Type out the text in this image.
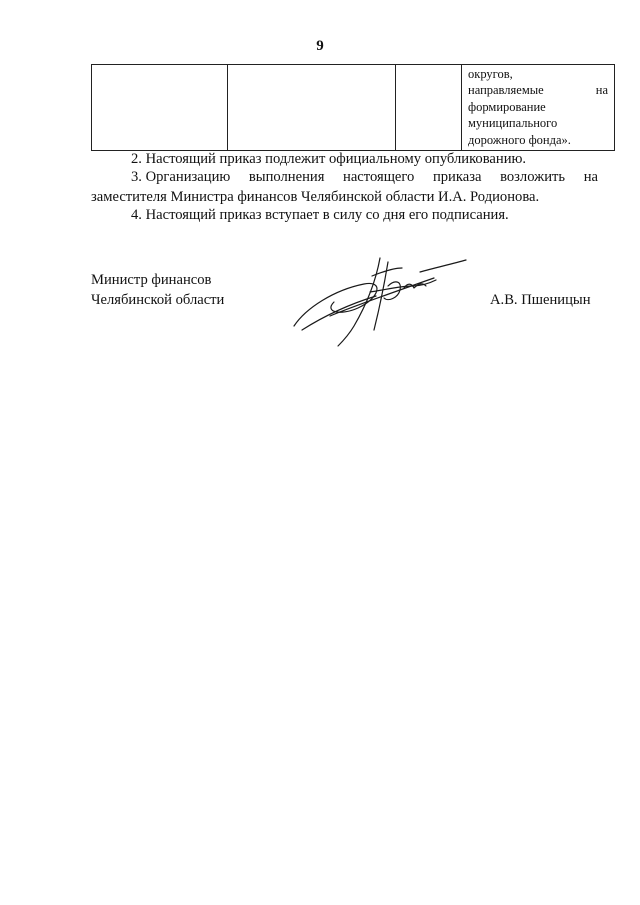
9

округов,
направляемые	на
формирование
муниципального
дорожного фонда».
2. Настоящий приказ подлежит официальному опубликованию.
3. Организацию выполнения настоящего приказа возложить на
заместителя Министра финансов Челябинской области И.А. Родионова.
4. Настоящий приказ вступает в силу со дня его подписания.
Министр финансов
Челябинской области	А.В. Пшеницын
